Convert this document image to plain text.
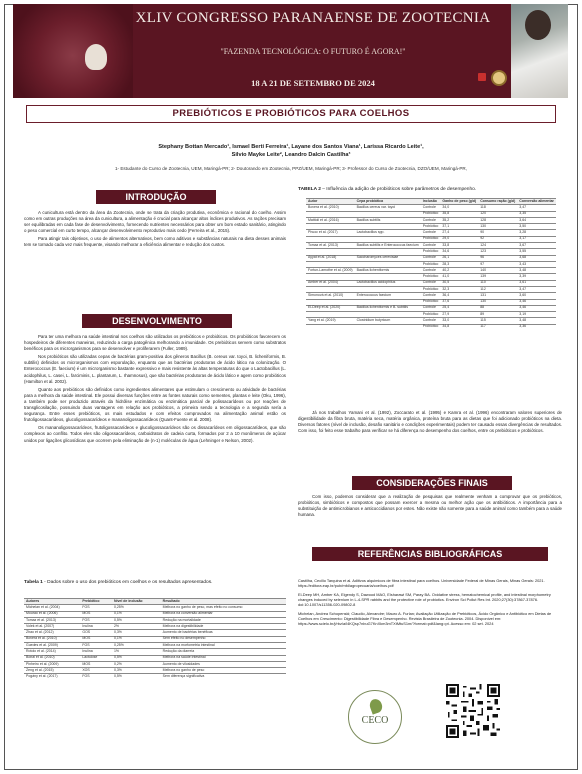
XLIV CONGRESSO PARANAENSE DE ZOOTECNIA
"FAZENDA TECNOLÓGICA: O FUTURO É AGORA!"
18 A 21 DE SETEMBRO DE 2024
PREBIÓTICOS E PROBIÓTICOS PARA COELHOS
Stephany Bottan Mercado¹, Ismael Berti Ferreira¹, Layane dos Santos Viana¹, Larissa Ricardo Leite¹,
Silvio Mayke Leite², Leandro Dalcin Castilha³
1- Estudante do Curso de Zootecnia, UEM, Maringá-PR; 2- Doutorando em Zootecnia, PPZ/UEM, Maringá-PR; 3- Professor do Curso de Zootecnia, DZO/UEM, Maringá-PR,
INTRODUÇÃO

A cunicultura está dentro da área da Zootecnia, onde se trata da criação produtiva, econômica e racional do coelho. Assim como em outras produções na área da cunicultura, a alimentação é crucial para alcançar altos índices produtivos. As rações precisam ser equilibradas em cada fase de desenvolvimento, fornecendo nutrientes necessários para obter um bom estado sanitário, atingindo o peso comercial em curto tempo, alcançar desenvolvimento reprodutivo mais cedo (Ferreira et al., 2015).

Para atingir tais objetivos, o uso de alimentos alternativos, bem como aditivos e substâncias naturais na dieta desses animais tem se tornado cada vez mais frequente, visando melhorar a eficiência alimentar e redução dos custos.

DESENVOLVIMENTO

Para ter uma melhora na saúde intestinal nos coelhos são utilizados os prebióticos e probióticos. Os probióticos favorecem os hospedeiros de diferentes maneiras, reduzindo a carga patogênica melhorando a imunidade. Os prebióticos servem como substratos benéficos para os microrganismos para se desenvolver e proliferarem (Fuller, 1989).

Nos probióticos são utilizadas cepas de bactérias gram-positiva dos gêneros Bacillus (B. cereus var. toyoi, B. licheniformis, B. subtilis) definidos os microrganismos com esporulação, enquanto que as bactérias produtoras de ácido lático na colonização. O Enterococcus (E. faecium) é um microrganismo bastante expressivo e mais resistente às altas temperaturas do que o Lactobacillus (L. acidophilus, L. casei, L. farciminis, L. plantarum, L. rhamnosus), que são bactérias produtoras de ácido lático e agem como probióticos (Hamilton et al. 2002).

Quanto aos prebióticos são definidos como ingredientes alimentares que estimulam o crescimento ou atividade de bactérias para a melhora da saúde intestinal. Ele possui diversas funções entre as fontes naturais como sementes, plantas e leite (Oku, 1996), a também pode ser produzido através da hidrólise enzimática ou enzimática parcial de polissacarídeos ou por reações de transglicosilação, possuindo duas vantagens em relação aos probióticos, a primeira sendo a tecnologia e a segunda sería a segurança. Entre esses prebióticos, os mais estudados e com efeitos comprovados na alimentação animal estão os frutoligossacarídeos, glucoligossacarídeos e mananoligossacarídeos (Quant-Fuente et al. 2008).

Os mananoligossacarídeos, frutoligossacarídeos e glucoligossacarídeos são os dissacarídeos em oligossacarídeos, que são complexos ao conflito. Todos eles são oligossacarídeos, carboidratos de cadeia curta, formados por 2 a 10 monômeros de açúcar unidos por ligações glicosídicas que ocorrem pela eliminação de (n-1) moléculas de água (Lehninger e Nelson, 2002).

Tabela 1 - Dados sobre o uso dos prebióticos em coelhos e os resultados apresentados.
Autores	Prebiótico	Nível de inclusão	Resultado
Michelan et al. (2004)	FOS	0,25%	Melhora no ganho de peso, mas efeito no consumo
Mourao et al. (2006)	MOS	0,1%	Melhora na conversão alimentar
Tomaz et al. (2013)	FOS	0,5%	Redução na mortalidade
Volek et al. (2007)	Inulina	2%	Melhora na digestibilidade
Zhao et al. (2012)	GOS	0,3%	Aumento de bactérias benéficas
Bovera et al. (2010)	MOS	0,1%	Sem efeito no desempenho
Guedes et al. (2009)	FOS	0,25%	Melhora na morfometria intestinal
Rotolo et al. (2014)	Inulina	1%	Redução da diarreia
Bonai et al. (2010)	Lactulose	0,5%	Melhora na saúde intestinal
Pinheiro et al. (2009)	MOS	0,2%	Aumento de vilosidades
Zeng et al. (2015)	XOS	0,3%	Melhora no ganho de peso
Pogány et al. (2017)	FOS	0,5%	Sem diferença significativa
TABELA 2 – Influência da adição de probióticos sobre parâmetros de desempenho.
Autor	Cepa probiótica	Inclusão	Ganho de peso (g/d)	Consumo ração (g/d)	Conversão alimentar
Bovera et al. (2010)	Bacillus cereus var. toyoi	Controle	34,0	118	3,47
		Probiótico	35,8	120	3,35
Mattioli et al. (2016)	Bacillus subtilis	Controle	35,2	128	3,64
		Probiótico	37,1	130	3,50
Phuoc et al. (2017)	Lactobacillus spp.	Controle	27,4	90	3,28
		Probiótico	29,0	92	3,17
Tomaz et al. (2013)	Bacillus subtilis e Enterococcus faecium	Controle	33,8	124	3,67
		Probiótico	34,6	123	3,55
Ayyat et al. (2018)	Saccharomyces cerevisiae	Controle	26,1	96	3,68
		Probiótico	28,3	97	3,43
Fortun-Lamothe et al. (2009)	Bacillus licheniformis	Controle	40,2	140	3,48
		Probiótico	41,0	139	3,39
Amber et al. (2004)	Lactobacillus acidophilus	Controle	30,5	110	3,61
		Probiótico	32,3	112	3,47
Simonová et al. (2010)	Enterococcus faecium	Controle	36,4	131	3,60
		Probiótico	37,6	130	3,46
El-Deep et al. (2020)	Bacillus licheniformis e B. subtilis	Controle	25,4	88	3,46
		Probiótico	27,9	89	3,19
Yang et al. (2019)	Clostridium butyricum	Controle	33,0	115	3,48
		Probiótico	34,8	117	3,36

Já nos trabalhos Yamani et al. (1992), Zoccarato et al. (1995) e Kamra et al. (1996) encontraram valores superiores de digestibilidade da fibra bruta, matéria seca, matéria orgânica, proteína bruta para as dietas que foi adicionado probióticos na dieta. Diversos fatores (nível de inclusão, desafio sanitário e condições experimentais) podem ter causado essas divergências de resultados. Com isso, foi feito esse trabalho para verificar se há diferença no desempenho dos coelhos, entre os prebióticos e probióticos.

CONSIDERAÇÕES FINAIS

Com isso, podemos considerar que a realização de pesquisas que realmente venham a comprovar que os prebióticos, probióticos, simbióticos e compostos que possam exercer a mesma ou melhor ação que os antibióticos. A importância para a substituição de antimicrobianos e anticoccidianos por estes. Não existe não somente para a saúde animal como também para a saúde humana.

REFERÊNCIAS BIBLIOGRÁFICAS

Castilha, Cecilio Tarquina et al. Aditivos alquimicos de fibra intestinal para coelhos. Universidade Federal de Minas Gerais, Minas Gerais: 2021. https://editora.eap.br/pub/mfd/agropecuaria/coelhos.pdf

El-Deep MH, Amber KA, Elgendy S, Dawood MAO, Elsharawi SM, Paray BA. Oxidative stress, hematochemical profile, and intestinal morphometry changes induced by selenium in L-4-SPR rabbits and the protective role of probiotics. Environ Sci Pollut Res Int. 2020;27(30):37867-37876. doi:10.1007/s11356-020-09802-8

Michelan, Andrea Schopenski; Claudio, Alexandre; Mauro A. Furlan; Avaliação Utilização de Prebióticos, Ácido Orgânico e Antibiótico em Dietas de Coelhos em Crescimento: Digestibilidade Fibra e Desempenho. Revista Brasileira de Zootecnia. 2004. Disponível em: https://www.scielo.br/j/rbz/a/l4KQsp7nbuG7KnXkm3mTXtMtuS1m/?format=pdf&lang=pt. Acesso em: 02 set. 2024

CECO
